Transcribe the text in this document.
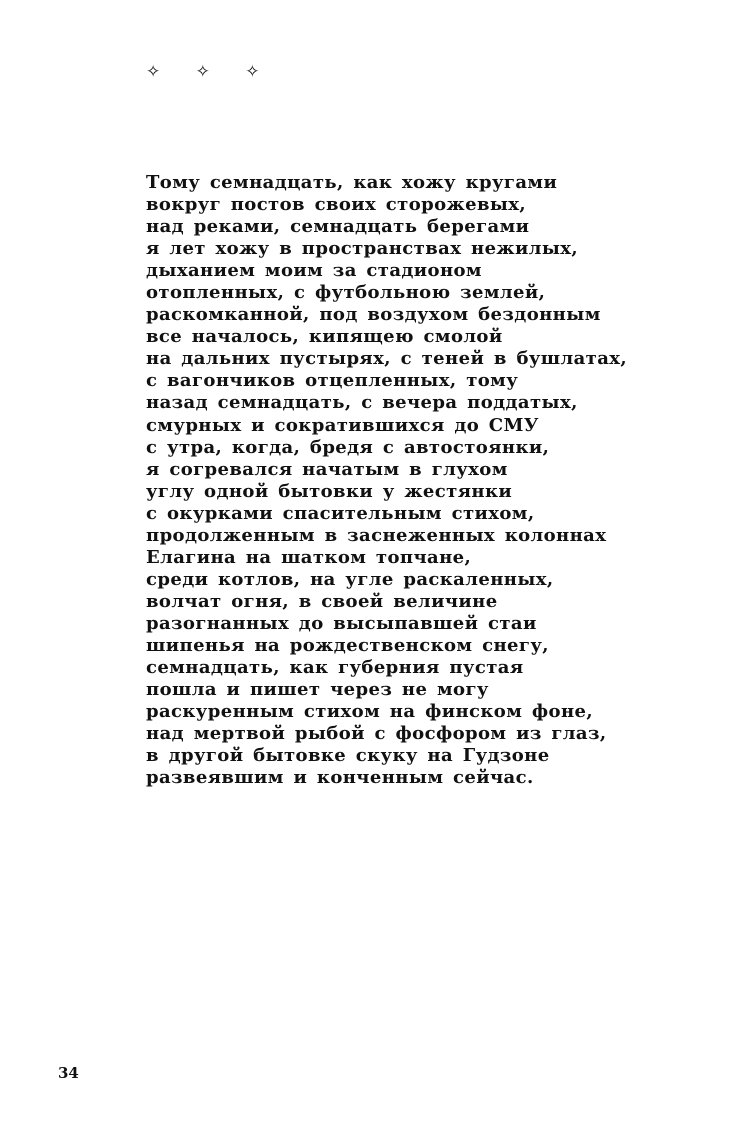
✧ ✧ ✧
Тому семнадцать, как хожу кругами
вокруг постов своих сторожевых,
над реками, семнадцать берегами
я лет хожу в пространствах нежилых,
дыханием моим за стадионом
отопленных, с футбольною землей,
раскомканной, под воздухом бездонным
все началось, кипящею смолой
на дальних пустырях, с теней в бушлатах,
с вагончиков отцепленных, тому
назад семнадцать, с вечера поддатых,
смурных и сократившихся до СМУ
с утра, когда, бредя с автостоянки,
я согревался начатым в глухом
углу одной бытовки у жестянки
с окурками спасительным стихом,
продолженным в заснеженных колоннах
Елагина на шатком топчане,
среди котлов, на угле раскаленных,
волчат огня, в своей величине
разогнанных до высыпавшей стаи
шипенья на рождественском снегу,
семнадцать, как губерния пустая
пошла и пишет через не могу
раскуренным стихом на финском фоне,
над мертвой рыбой с фосфором из глаз,
в другой бытовке скуку на Гудзоне
развеявшим и конченным сейчас.
34
